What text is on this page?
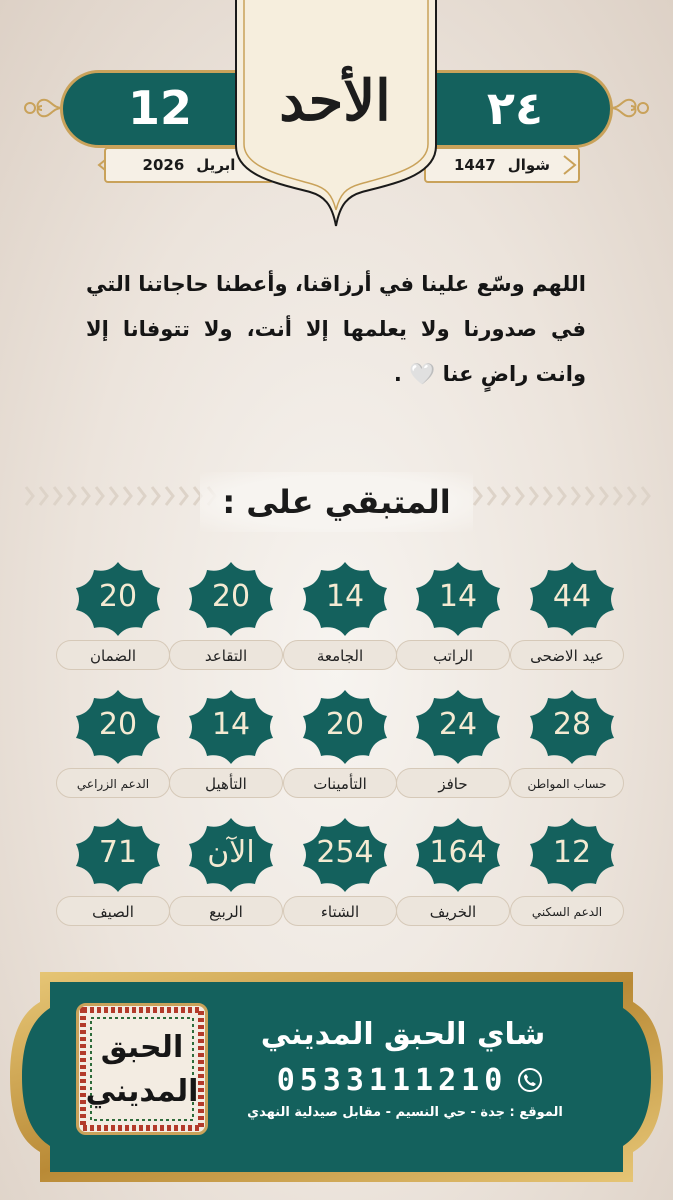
12	٢٤
2026 ابريل	1447 شوال
الأحد
اللهم وسّع علينا في أرزاقنا، وأعطنا حاجاتنا التي في صدورنا ولا يعلمها إلا أنت، ولا تتوفانا إلا وانت راضٍ عنا 🤍 .
المتبقي على :
44
عيد الاضحى
14
الراتب
14
الجامعة
20
التقاعد
20
الضمان
28
حساب المواطن
24
حافز
20
التأمينات
14
التأهيل
20
الدعم الزراعي
12
الدعم السكني
164
الخريف
254
الشتاء
الآن
الربيع
71
الصيف
الحبق
المديني
شاي الحبق المديني
0533111210
الموقع : جدة - حي النسيم - مقابل صيدلية النهدي
